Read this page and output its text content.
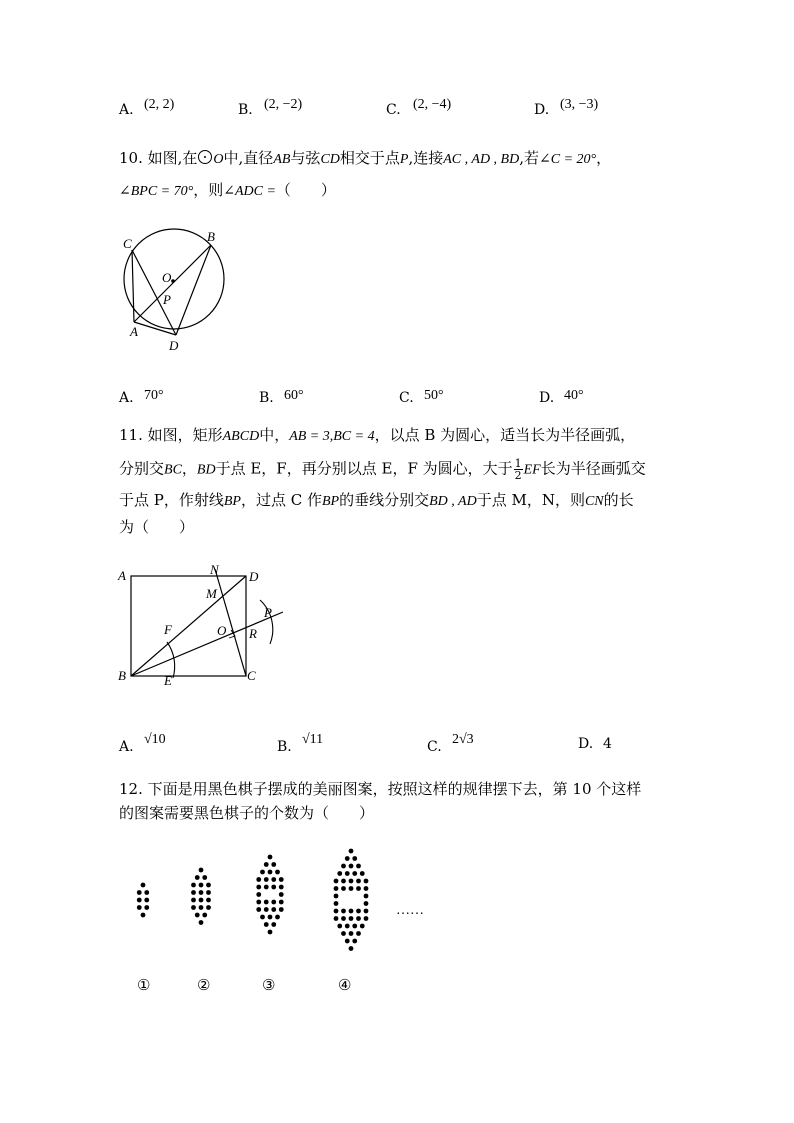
A. (2, 2)	B. (2, −2)	C. (2, −4)	D. (3, −3)
10. 如图,在 O中,直径AB与弦CD相交于点P,连接AC , AD , BD,若∠C = 20°，
∠BPC = 70°，则∠ADC =（　　）
C	B
O
P
A
D
A. 70°	B. 60°	C. 50°	D. 40°
11. 如图，矩形ABCD中，AB = 3,BC = 4，以点 B 为圆心，适当长为半径画弧，
分别交BC，BD于点 E，F，再分别以点 E，F 为圆心，大于 $\frac{1}{2}$ EF长为半径画弧交
于点 P，作射线BP，过点 C 作BP的垂线分别交BD , AD于点 M，N，则CN的长
为（　　）
A	N D
M
P
F	O R
B	E	C
A. √10	B. √11	C. 2√3	D. 4
12. 下面是用黑色棋子摆成的美丽图案，按照这样的规律摆下去，第 10 个这样
的图案需要黑色棋子的个数为（　　）
……
①	②	③	④
